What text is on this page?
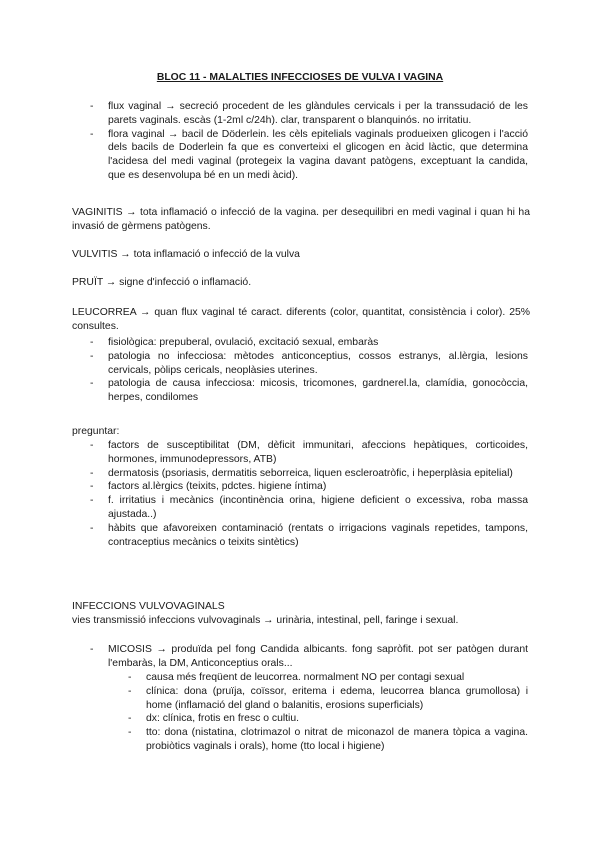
BLOC 11 - MALALTIES INFECCIOSES DE VULVA I VAGINA
- flux vaginal → secreció procedent de les glàndules cervicals i per la transsudació de les parets vaginals. escàs (1-2ml c/24h). clar, transparent o blanquinós. no irritatiu.
- flora vaginal → bacil de Döderlein. les cèls epitelials vaginals produeixen glicogen i l'acció dels bacils de Doderlein fa que es converteixi el glicogen en àcid làctic, que determina l'acidesa del medi vaginal (protegeix la vagina davant patògens, exceptuant la candida, que es desenvolupa bé en un medi àcid).
VAGINITIS → tota inflamació o infecció de la vagina. per desequilibri en medi vaginal i quan hi ha invasió de gèrmens patògens.
VULVITIS → tota inflamació o infecció de la vulva
PRUÏT → signe d'infecció o inflamació.
LEUCORREA → quan flux vaginal té caract. diferents (color, quantitat, consistència i color). 25% consultes.
- fisiològica: prepuberal, ovulació, excitació sexual, embaràs
- patologia no infecciosa: mètodes anticonceptius, cossos estranys, al.lèrgia, lesions cervicals, pòlips cericals, neoplàsies uterines.
- patologia de causa infecciosa: micosis, tricomones, gardnerel.la, clamídia, gonocòccia, herpes, condilomes
preguntar:
- factors de susceptibilitat (DM, dèficit immunitari, afeccions hepàtiques, corticoides, hormones, immunodepressors, ATB)
- dermatosis (psoriasis, dermatitis seborreica, liquen escleroatròfic, i heperplàsia epitelial)
- factors al.lèrgics (teixits, pdctes. higiene íntima)
- f. irritatius i mecànics (incontinència orina, higiene deficient o excessiva, roba massa ajustada..)
- hàbits que afavoreixen contaminació (rentats o irrigacions vaginals repetides, tampons, contraceptius mecànics o teixits sintètics)
INFECCIONS VULVOVAGINALS
vies transmissió infeccions vulvovaginals → urinària, intestinal, pell, faringe i sexual.
- MICOSIS → produïda pel fong Candida albicants. fong sapròfit. pot ser patògen durant l'embaràs, la DM, Anticonceptius orals...
- causa més freqüent de leucorrea. normalment NO per contagi sexual
- clínica: dona (pruïja, coïssor, eritema i edema, leucorrea blanca grumollosa) i home (inflamació del gland o balanitis, erosions superficials)
- dx: clínica, frotis en fresc o cultiu.
- tto: dona (nistatina, clotrimazol o nitrat de miconazol de manera tòpica a vagina. probiòtics vaginals i orals), home (tto local i higiene)
